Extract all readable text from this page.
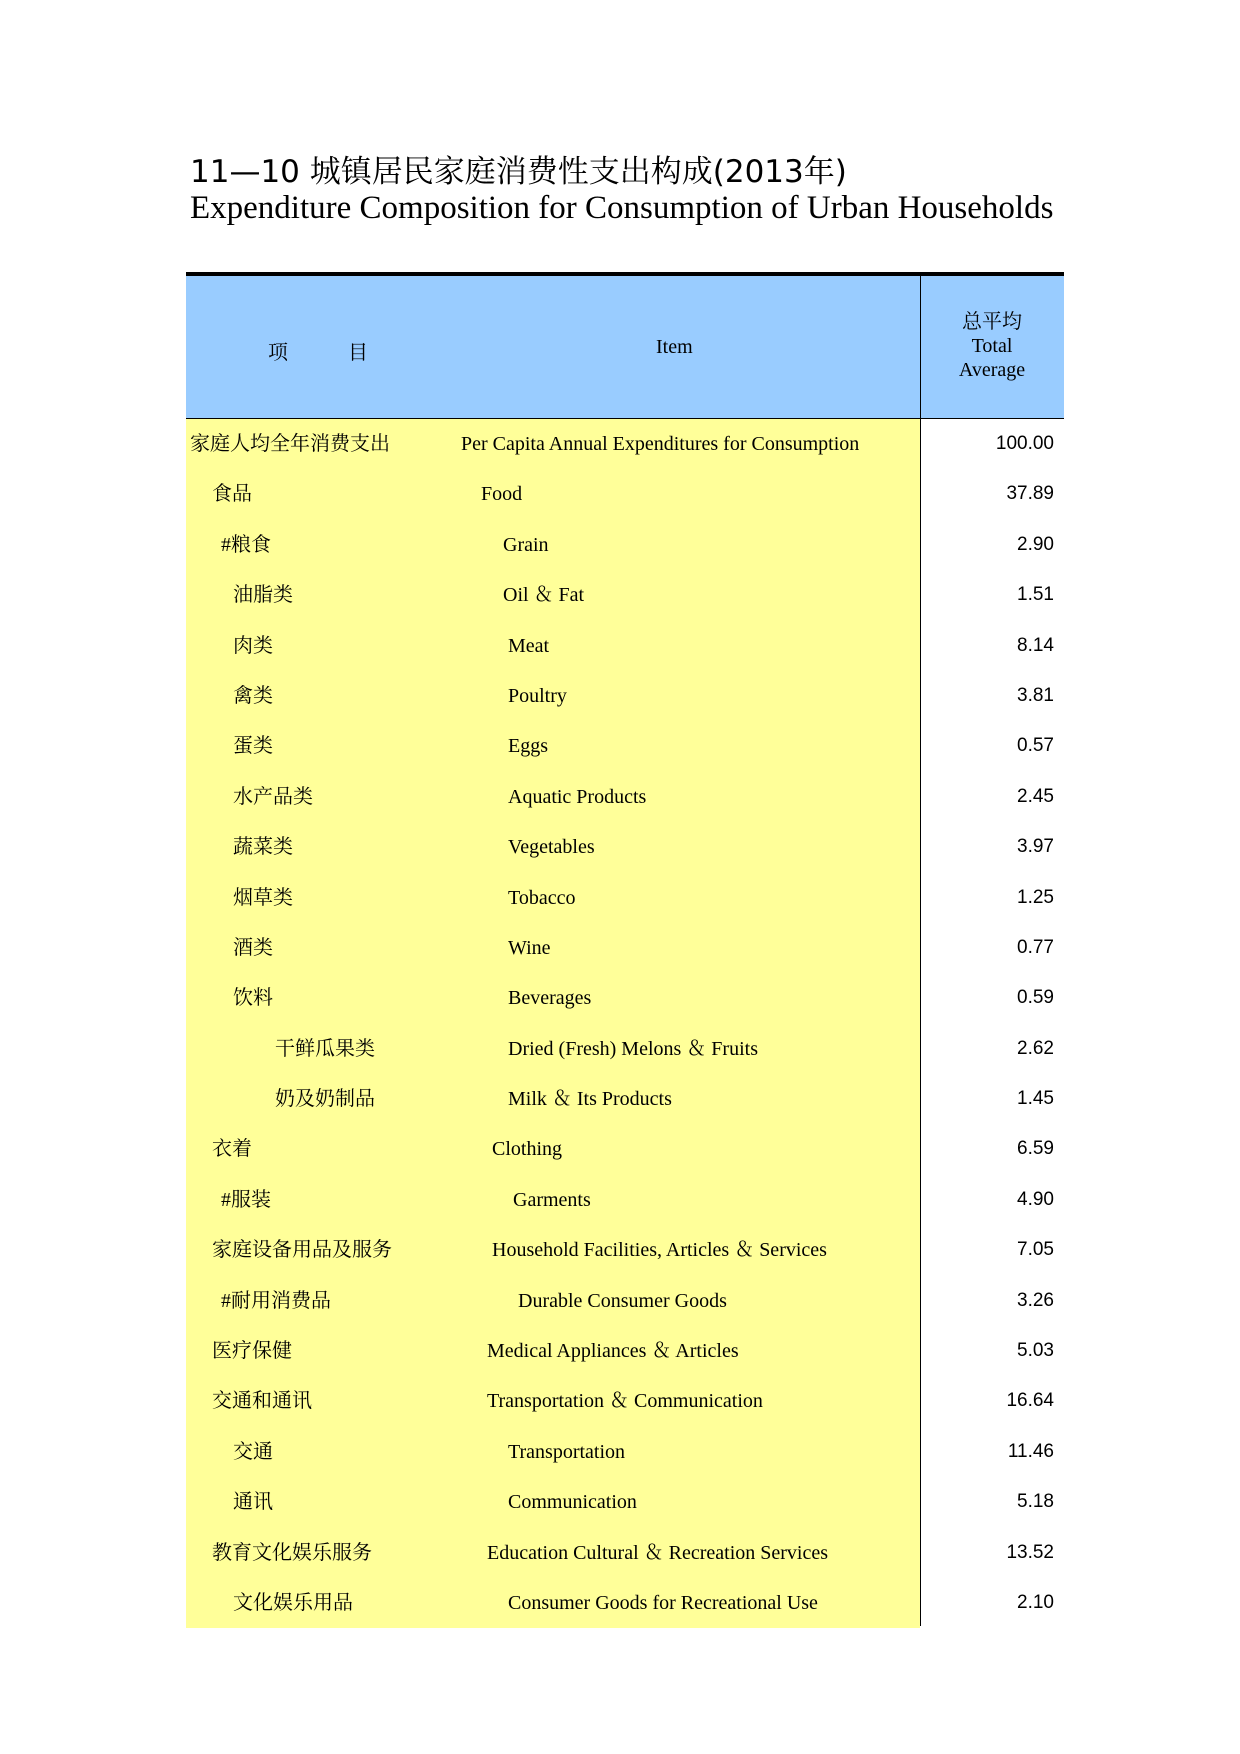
11—10 城镇居民家庭消费性支出构成(2013年)
Expenditure Composition for Consumption of Urban Households
项　　　目	Item
总平均
Total
Average
家庭人均全年消费支出	Per Capita Annual Expenditures for Consumption	100.00
食品	Food	37.89
#粮食	Grain	2.90
油脂类	Oil ＆ Fat	1.51
肉类	Meat	8.14
禽类	Poultry	3.81
蛋类	Eggs	0.57
水产品类	Aquatic Products	2.45
蔬菜类	Vegetables	3.97
烟草类	Tobacco	1.25
酒类	Wine	0.77
饮料	Beverages	0.59
干鲜瓜果类	Dried (Fresh) Melons ＆ Fruits	2.62
奶及奶制品	Milk ＆ Its Products	1.45
衣着	Clothing	6.59
#服装	Garments	4.90
家庭设备用品及服务	Household Facilities, Articles ＆ Services	7.05
#耐用消费品	Durable Consumer Goods	3.26
医疗保健	Medical Appliances ＆ Articles	5.03
交通和通讯	Transportation ＆ Communication	16.64
交通	Transportation	11.46
通讯	Communication	5.18
教育文化娱乐服务	Education Cultural ＆ Recreation Services	13.52
文化娱乐用品	Consumer Goods for Recreational Use	2.10
